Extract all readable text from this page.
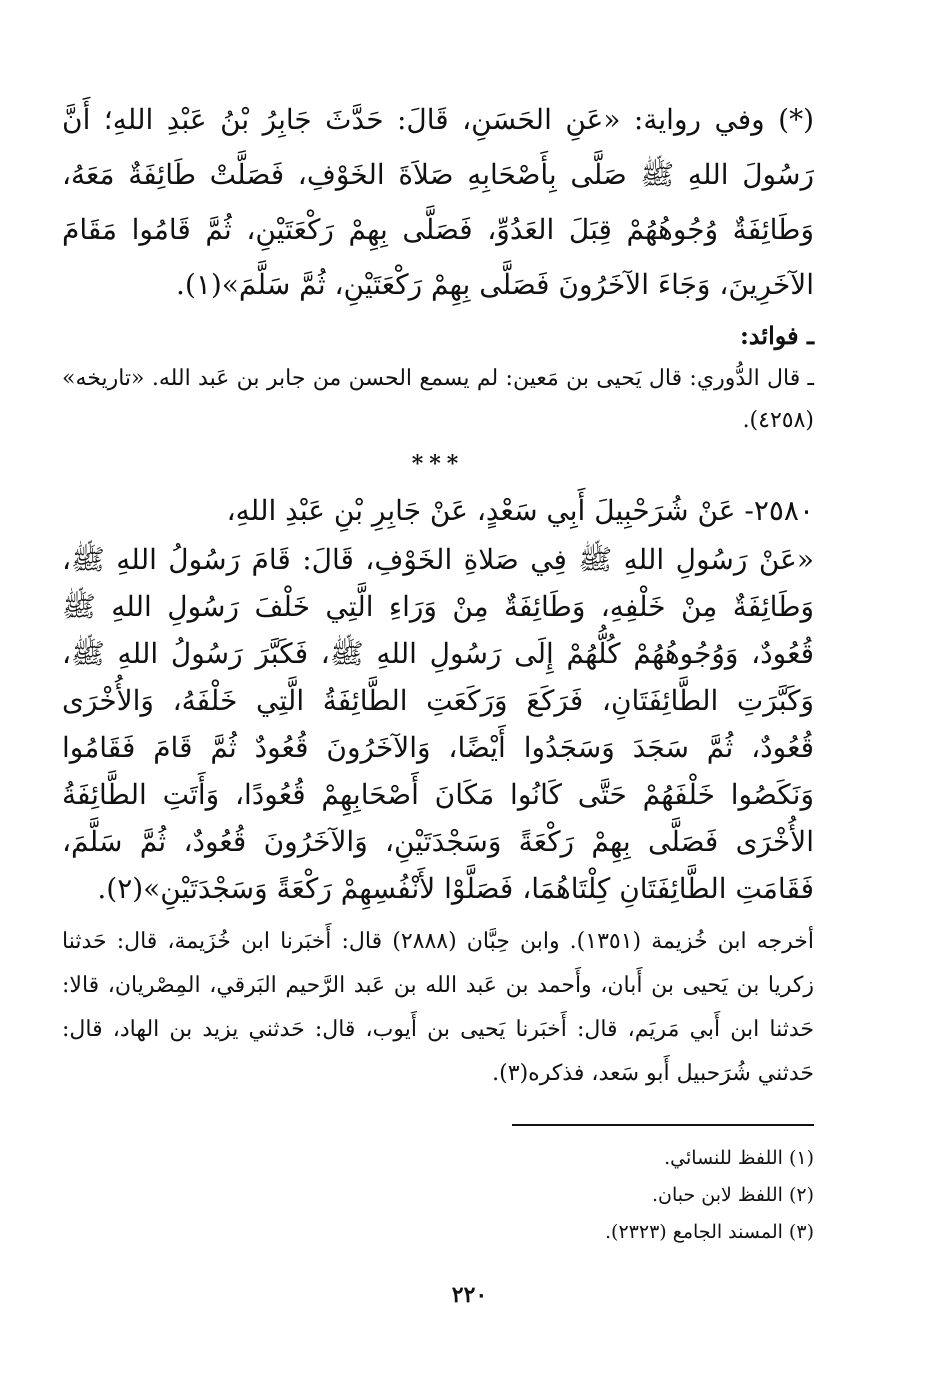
(*) وفي رواية: «عَنِ الحَسَنِ، قَالَ: حَدَّثَ جَابِرُ بْنُ عَبْدِ اللهِ؛ أَنَّ رَسُولَ اللهِ ﷺ صَلَّى بِأَصْحَابِهِ صَلاَةَ الخَوْفِ، فَصَلَّتْ طَائِفَةٌ مَعَهُ، وَطَائِفَةٌ وُجُوهُهُمْ قِبَلَ العَدُوِّ، فَصَلَّى بِهِمْ رَكْعَتَيْنِ، ثُمَّ قَامُوا مَقَامَ الآخَرِينَ، وَجَاءَ الآخَرُونَ فَصَلَّى بِهِمْ رَكْعَتَيْنِ، ثُمَّ سَلَّمَ»(١).

ـ فوائد:

ـ قال الدُّوري: قال يَحيى بن مَعين: لم يسمع الحسن من جابر بن عَبد الله. «تاريخه» (٤٢٥٨).

***

٢٥٨٠- عَنْ شُرَحْبِيلَ أَبِي سَعْدٍ، عَنْ جَابِرِ بْنِ عَبْدِ اللهِ،

«عَنْ رَسُولِ اللهِ ﷺ فِي صَلاةِ الخَوْفِ، قَالَ: قَامَ رَسُولُ اللهِ ﷺ، وَطَائِفَةٌ مِنْ خَلْفِهِ، وَطَائِفَةٌ مِنْ وَرَاءِ الَّتِي خَلْفَ رَسُولِ اللهِ ﷺ قُعُودٌ، وَوُجُوهُهُمْ كُلُّهُمْ إِلَى رَسُولِ اللهِ ﷺ، فَكَبَّرَ رَسُولُ اللهِ ﷺ، وَكَبَّرَتِ الطَّائِفَتَانِ، فَرَكَعَ وَرَكَعَتِ الطَّائِفَةُ الَّتِي خَلْفَهُ، وَالأُخْرَى قُعُودٌ، ثُمَّ سَجَدَ وَسَجَدُوا أَيْضًا، وَالآخَرُونَ قُعُودٌ ثُمَّ قَامَ فَقَامُوا وَنَكَصُوا خَلْفَهُمْ حَتَّى كَانُوا مَكَانَ أَصْحَابِهِمْ قُعُودًا، وَأَتَتِ الطَّائِفَةُ الأُخْرَى فَصَلَّى بِهِمْ رَكْعَةً وَسَجْدَتَيْنِ، وَالآخَرُونَ قُعُودٌ، ثُمَّ سَلَّمَ، فَقَامَتِ الطَّائِفَتَانِ كِلْتَاهُمَا، فَصَلَّوْا لأَنْفُسِهِمْ رَكْعَةً وَسَجْدَتَيْنِ»(٢).

أخرجه ابن خُزيمة (١٣٥١). وابن حِبَّان (٢٨٨٨) قال: أَخبَرنا ابن خُزَيمة، قال: حَدثنا زكريا بن يَحيى بن أَبان، وأَحمد بن عَبد الله بن عَبد الرَّحيم البَرقي، المِصْريان، قالا: حَدثنا ابن أَبي مَريَم، قال: أَخبَرنا يَحيى بن أَيوب، قال: حَدثني يزيد بن الهاد، قال: حَدثني شُرَحبيل أَبو سَعد، فذكره(٣).

(١) اللفظ للنسائي.
(٢) اللفظ لابن حبان.
(٣) المسند الجامع (٢٣٢٣).
٢٢٠
